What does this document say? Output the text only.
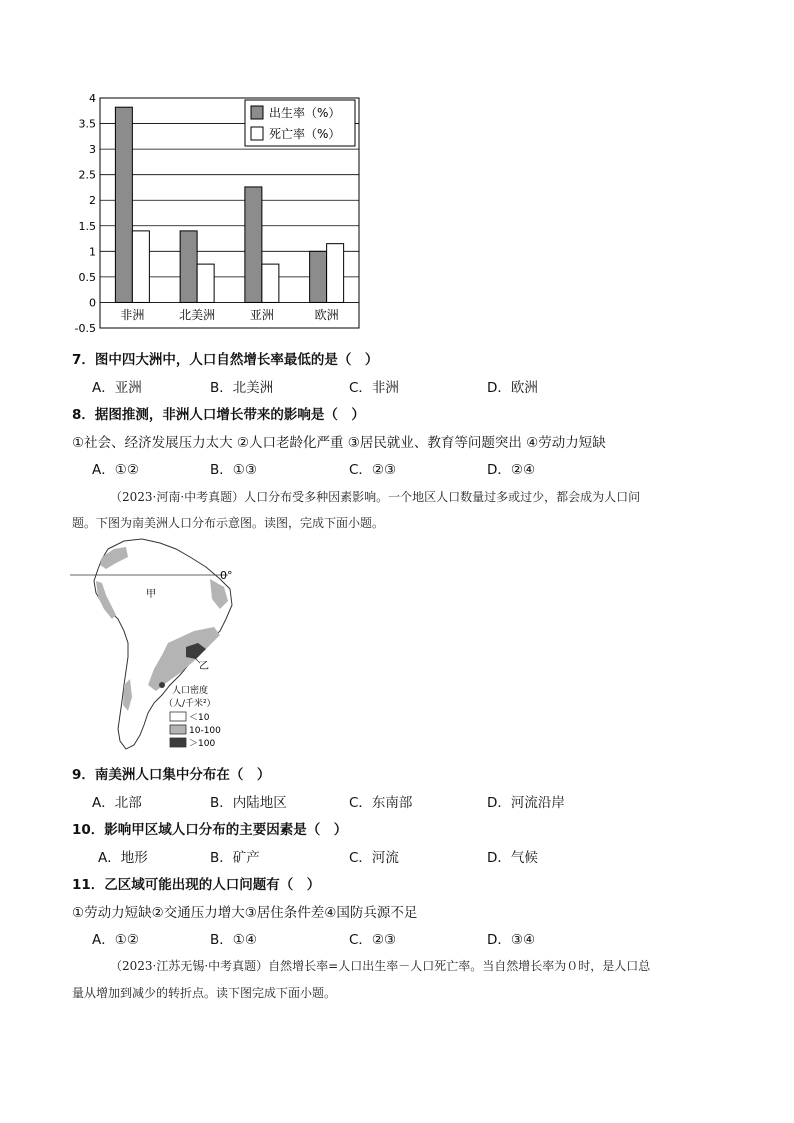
-0.5
0
0.5
1
1.5
2
2.5
3
3.5
4
非洲	北美洲	亚洲	欧洲
出生率（%）
死亡率（%）
7．图中四大洲中，人口自然增长率最低的是（　）
A．亚洲	B．北美洲	C．非洲	D．欧洲
8．据图推测，非洲人口增长带来的影响是（　）
①社会、经济发展压力太大 ②人口老龄化严重 ③居民就业、教育等问题突出 ④劳动力短缺
A．①②	B．①③	C．②③	D．②④
（2023·河南·中考真题）人口分布受多种因素影响。一个地区人口数量过多或过少，都会成为人口问
题。下图为南美洲人口分布示意图。读图，完成下面小题。
0°
甲
乙
人口密度
（人/千米²）
＜10
10-100
＞100
9．南美洲人口集中分布在（　）
A．北部	B．内陆地区	C．东南部	D．河流沿岸
10．影响甲区域人口分布的主要因素是（　）
A．地形	B．矿产	C．河流	D．气候
11．乙区域可能出现的人口问题有（　）
①劳动力短缺②交通压力增大③居住条件差④国防兵源不足
A．①②	B．①④	C．②③	D．③④
（2023·江苏无锡·中考真题）自然增长率=人口出生率－人口死亡率。当自然增长率为０时，是人口总
量从增加到减少的转折点。读下图完成下面小题。
